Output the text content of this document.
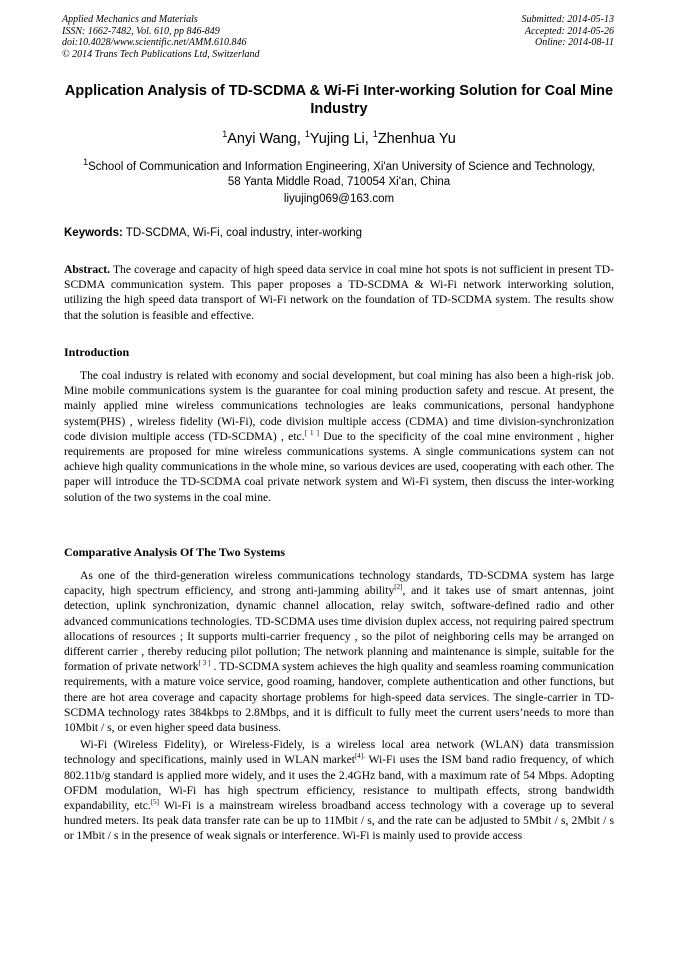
Applied Mechanics and Materials
ISSN: 1662-7482, Vol. 610, pp 846-849
doi:10.4028/www.scientific.net/AMM.610.846
© 2014 Trans Tech Publications Ltd, Switzerland
Submitted: 2014-05-13
Accepted: 2014-05-26
Online: 2014-08-11
Application Analysis of TD-SCDMA & Wi-Fi Inter-working Solution for Coal Mine Industry
$^1$Anyi Wang, $^1$Yujing Li, $^1$Zhenhua Yu
$^1$School of Communication and Information Engineering, Xi'an University of Science and Technology, 58 Yanta Middle Road, 710054 Xi'an, China
liyujing069@163.com
Keywords: TD-SCDMA, Wi-Fi, coal industry, inter-working
Abstract. The coverage and capacity of high speed data service in coal mine hot spots is not sufficient in present TD-SCDMA communication system. This paper proposes a TD-SCDMA & Wi-Fi network interworking solution, utilizing the high speed data transport of Wi-Fi network on the foundation of TD-SCDMA system. The results show that the solution is feasible and effective.
Introduction

The coal industry is related with economy and social development, but coal mining has also been a high-risk job. Mine mobile communications system is the guarantee for coal mining production safety and rescue. At present, the mainly applied mine wireless communications technologies are leaks communications, personal handyphone system(PHS) , wireless fidelity (Wi-Fi), code division multiple access (CDMA) and time division-synchronization code division multiple access (TD-SCDMA) , etc.[ 1 ] Due to the specificity of the coal mine environment , higher requirements are proposed for mine wireless communications systems. A single communications system can not achieve high quality communications in the whole mine, so various devices are used, cooperating with each other. The paper will introduce the TD-SCDMA coal private network system and Wi-Fi system, then discuss the inter-working solution of the two systems in the coal mine.

Comparative Analysis Of The Two Systems

As one of the third-generation wireless communications technology standards, TD-SCDMA system has large capacity, high spectrum efficiency, and strong anti-jamming ability[2], and it takes use of smart antennas, joint detection, uplink synchronization, dynamic channel allocation, relay switch, software-defined radio and other advanced communications technologies. TD-SCDMA uses time division duplex access, not requiring paired spectrum allocations of resources ; It supports multi-carrier frequency , so the pilot of neighboring cells may be arranged on different carrier , thereby reducing pilot pollution; The network planning and maintenance is simple, suitable for the formation of private network[ 3 ] . TD-SCDMA system achieves the high quality and seamless roaming communication requirements, with a mature voice service, good roaming, handover, complete authentication and other functions, but there are hot area coverage and capacity shortage problems for high-speed data services. The single-carrier in TD-SCDMA technology rates 384kbps to 2.8Mbps, and it is difficult to fully meet the current users’needs to more than 10Mbit / s, or even higher speed data business.

Wi-Fi (Wireless Fidelity), or Wireless-Fidely, is a wireless local area network (WLAN) data transmission technology and specifications, mainly used in WLAN market$^{[4].}$ Wi-Fi uses the ISM band radio frequency, of which 802.11b/g standard is applied more widely, and it uses the 2.4GHz band, with a maximum rate of 54 Mbps. Adopting OFDM modulation, Wi-Fi has high spectrum efficiency, resistance to multipath effects, strong bandwidth expandability, etc.[5] Wi-Fi is a mainstream wireless broadband access technology with a coverage up to several hundred meters. Its peak data transfer rate can be up to 11Mbit / s, and the rate can be adjusted to 5Mbit / s, 2Mbit / s or 1Mbit / s in the presence of weak signals or interference. Wi-Fi is mainly used to provide access
